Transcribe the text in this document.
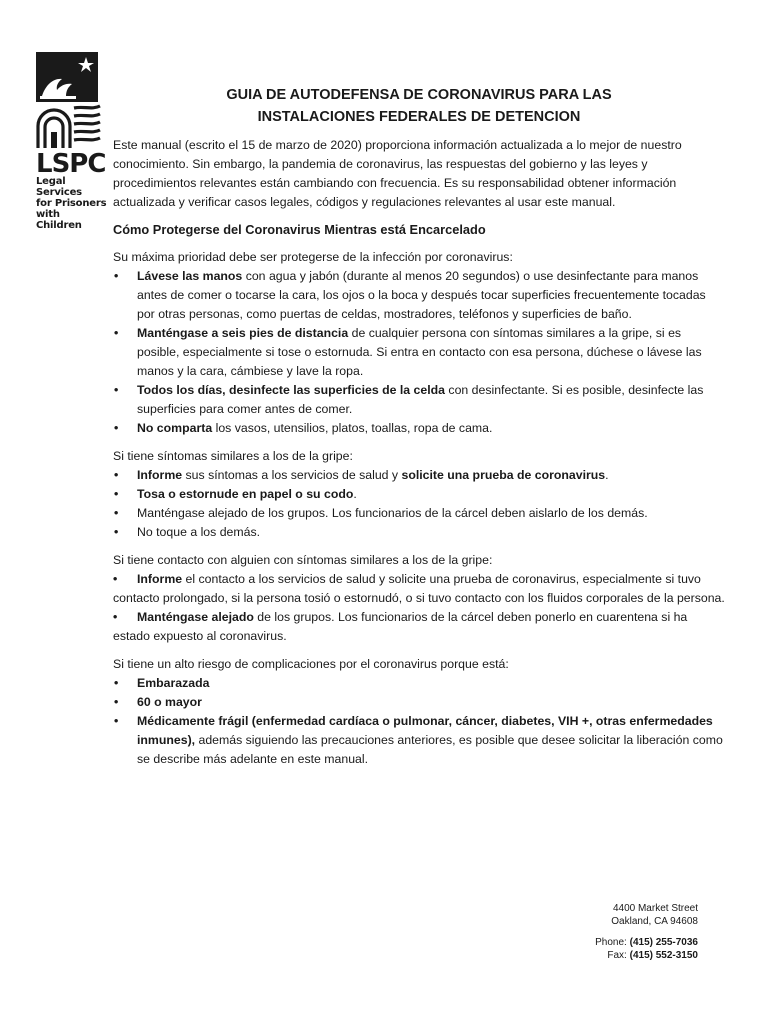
LSPC
Legal Services
for Prisoners
with Children
GUIA DE AUTODEFENSA DE CORONAVIRUS PARA LAS
INSTALACIONES FEDERALES DE DETENCION

Este manual (escrito el 15 de marzo de 2020) proporciona información actualizada a lo mejor de nuestro conocimiento. Sin embargo, la pandemia de coronavirus, las respuestas del gobierno y las leyes y procedimientos relevantes están cambiando con frecuencia. Es su responsabilidad obtener información actualizada y verificar casos legales, códigos y regulaciones relevantes al usar este manual.

Cómo Protegerse del Coronavirus Mientras está Encarcelado

Su máxima prioridad debe ser protegerse de la infección por coronavirus:

• Lávese las manos con agua y jabón (durante al menos 20 segundos) o use desinfectante para manos antes de comer o tocarse la cara, los ojos o la boca y después tocar superficies frecuentemente tocadas por otras personas, como puertas de celdas, mostradores, teléfonos y superficies de baño.
• Manténgase a seis pies de distancia de cualquier persona con síntomas similares a la gripe, si es posible, especialmente si tose o estornuda. Si entra en contacto con esa persona, dúchese o lávese las manos y la cara, cámbiese y lave la ropa.
• Todos los días, desinfecte las superficies de la celda con desinfectante. Si es posible, desinfecte las superficies para comer antes de comer.
• No comparta los vasos, utensilios, platos, toallas, ropa de cama.

Si tiene síntomas similares a los de la gripe:

• Informe sus síntomas a los servicios de salud y solicite una prueba de coronavirus.
• Tosa o estornude en papel o su codo.
• Manténgase alejado de los grupos. Los funcionarios de la cárcel deben aislarlo de los demás.
• No toque a los demás.

Si tiene contacto con alguien con síntomas similares a los de la gripe:

• Informe el contacto a los servicios de salud y solicite una prueba de coronavirus, especialmente si tuvo contacto prolongado, si la persona tosió o estornudó, o si tuvo contacto con los fluidos corporales de la persona.

• Manténgase alejado de los grupos. Los funcionarios de la cárcel deben ponerlo en cuarentena si ha estado expuesto al coronavirus.

Si tiene un alto riesgo de complicaciones por el coronavirus porque está:

• Embarazada
• 60 o mayor
• Médicamente frágil (enfermedad cardíaca o pulmonar, cáncer, diabetes, VIH +, otras enfermedades inmunes), además siguiendo las precauciones anteriores, es posible que desee solicitar la liberación como se describe más adelante en este manual.
4400 Market Street
Oakland, CA 94608
Phone: (415) 255-7036
Fax: (415) 552-3150
